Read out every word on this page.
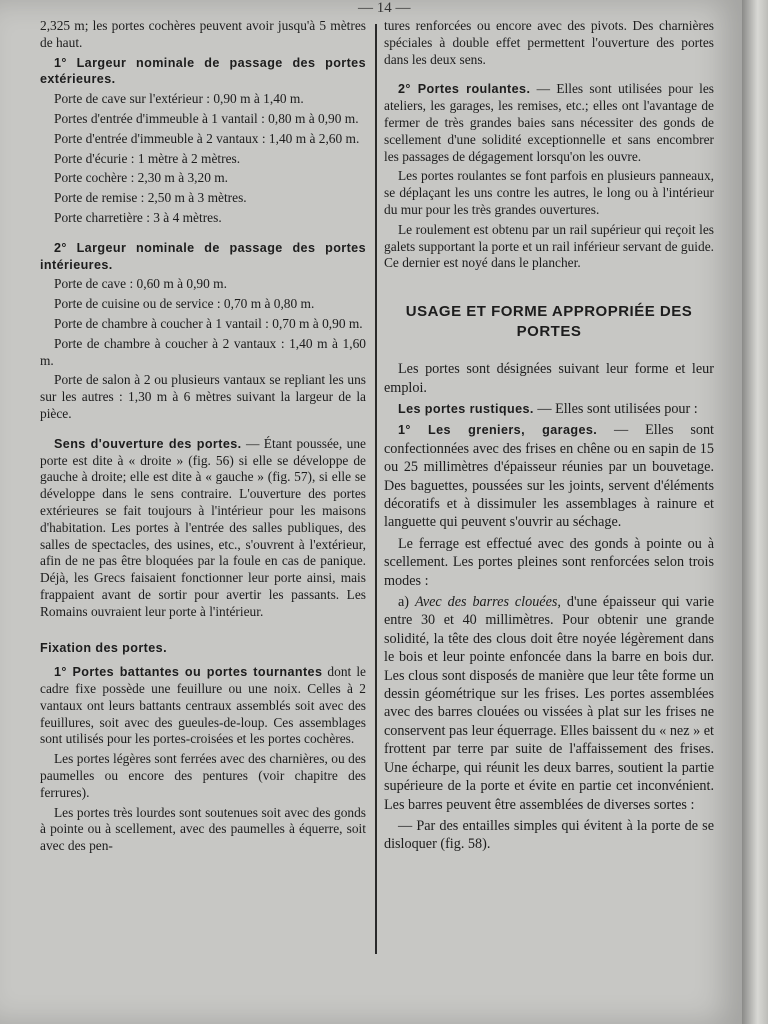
— 14 —

2,325 m; les portes cochères peuvent avoir jusqu'à 5 mètres de haut.

1° Largeur nominale de passage des portes extérieures.

Porte de cave sur l'extérieur : 0,90 m à 1,40 m.

Portes d'entrée d'immeuble à 1 vantail : 0,80 m à 0,90 m.

Porte d'entrée d'immeuble à 2 vantaux : 1,40 m à 2,60 m.

Porte d'écurie : 1 mètre à 2 mètres.

Porte cochère : 2,30 m à 3,20 m.

Porte de remise : 2,50 m à 3 mètres.

Porte charretière : 3 à 4 mètres.

2° Largeur nominale de passage des portes intérieures.

Porte de cave : 0,60 m à 0,90 m.

Porte de cuisine ou de service : 0,70 m à 0,80 m.

Porte de chambre à coucher à 1 vantail : 0,70 m à 0,90 m.

Porte de chambre à coucher à 2 vantaux : 1,40 m à 1,60 m.

Porte de salon à 2 ou plusieurs vantaux se repliant les uns sur les autres : 1,30 m à 6 mètres suivant la largeur de la pièce.

Sens d'ouverture des portes. — Étant poussée, une porte est dite à « droite » (fig. 56) si elle se développe de gauche à droite; elle est dite à « gauche » (fig. 57), si elle se développe dans le sens contraire. L'ouverture des portes extérieures se fait toujours à l'intérieur pour les maisons d'habitation. Les portes à l'entrée des salles publiques, des salles de spectacles, des usines, etc., s'ouvrent à l'extérieur, afin de ne pas être bloquées par la foule en cas de panique. Déjà, les Grecs faisaient fonctionner leur porte ainsi, mais frappaient avant de sortir pour avertir les passants. Les Romains ouvraient leur porte à l'intérieur.

Fixation des portes.

1° Portes battantes ou portes tournantes dont le cadre fixe possède une feuillure ou une noix. Celles à 2 vantaux ont leurs battants centraux assemblés soit avec des feuillures, soit avec des gueules-de-loup. Ces assemblages sont utilisés pour les portes-croisées et les portes cochères.

Les portes légères sont ferrées avec des charnières, ou des paumelles ou encore des pentures (voir chapitre des ferrures).

Les portes très lourdes sont soutenues soit avec des gonds à pointe ou à scellement, avec des paumelles à équerre, soit avec des pen-

tures renforcées ou encore avec des pivots. Des charnières spéciales à double effet permettent l'ouverture des portes dans les deux sens.

2° Portes roulantes. — Elles sont utilisées pour les ateliers, les garages, les remises, etc.; elles ont l'avantage de fermer de très grandes baies sans nécessiter des gonds de scellement d'une solidité exceptionnelle et sans encombrer les passages de dégagement lorsqu'on les ouvre.

Les portes roulantes se font parfois en plusieurs panneaux, se déplaçant les uns contre les autres, le long ou à l'intérieur du mur pour les très grandes ouvertures.

Le roulement est obtenu par un rail supérieur qui reçoit les galets supportant la porte et un rail inférieur servant de guide. Ce dernier est noyé dans le plancher.

USAGE ET FORME APPROPRIÉE DES PORTES

Les portes sont désignées suivant leur forme et leur emploi.

Les portes rustiques. — Elles sont utilisées pour :

1° Les greniers, garages. — Elles sont confectionnées avec des frises en chêne ou en sapin de 15 ou 25 millimètres d'épaisseur réunies par un bouvetage. Des baguettes, poussées sur les joints, servent d'éléments décoratifs et à dissimuler les assemblages à rainure et languette qui peuvent s'ouvrir au séchage.

Le ferrage est effectué avec des gonds à pointe ou à scellement. Les portes pleines sont renforcées selon trois modes :

a) Avec des barres clouées, d'une épaisseur qui varie entre 30 et 40 millimètres. Pour obtenir une grande solidité, la tête des clous doit être noyée légèrement dans le bois et leur pointe enfoncée dans la barre en bois dur. Les clous sont disposés de manière que leur tête forme un dessin géométrique sur les frises. Les portes assemblées avec des barres clouées ou vissées à plat sur les frises ne conservent pas leur équerrage. Elles baissent du « nez » et frottent par terre par suite de l'affaissement des frises. Une écharpe, qui réunit les deux barres, soutient la partie supérieure de la porte et évite en partie cet inconvénient. Les barres peuvent être assemblées de diverses sortes :

— Par des entailles simples qui évitent à la porte de se disloquer (fig. 58).
